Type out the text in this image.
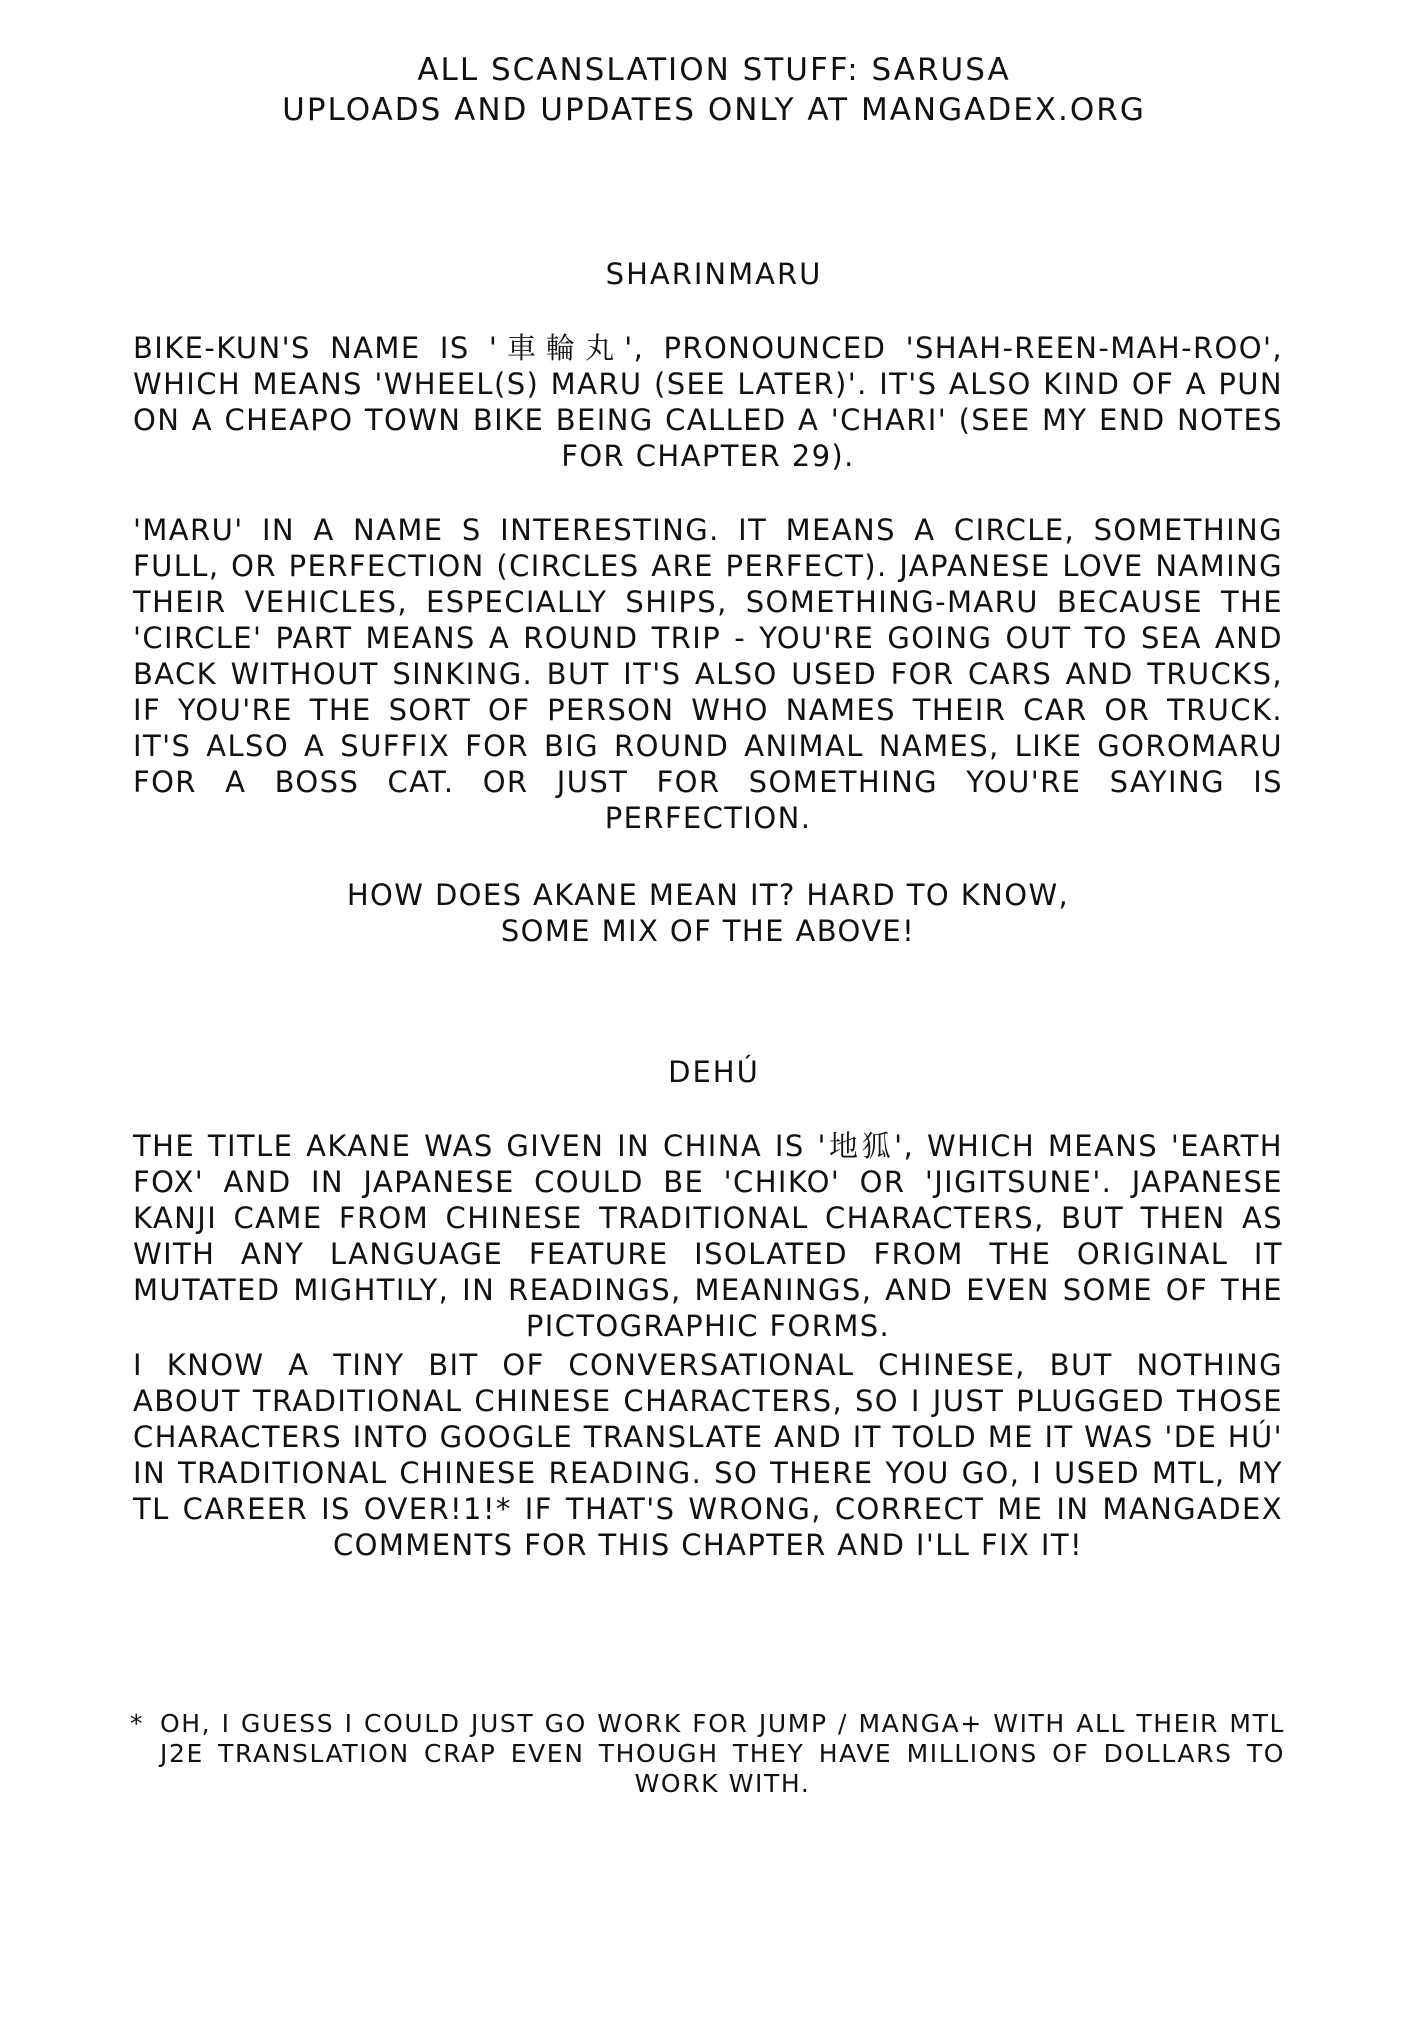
ALL SCANSLATION STUFF: SARUSA
UPLOADS AND UPDATES ONLY AT MANGADEX.ORG
SHARINMARU
BIKE-KUN'S NAME IS '車輪丸', PRONOUNCED 'SHAH-REEN-MAH-ROO', WHICH MEANS 'WHEEL(S) MARU (SEE LATER)'. IT'S ALSO KIND OF A PUN ON A CHEAPO TOWN BIKE BEING CALLED A 'CHARI' (SEE MY END NOTES FOR CHAPTER 29).
'MARU' IN A NAME S INTERESTING. IT MEANS A CIRCLE, SOMETHING FULL, OR PERFECTION (CIRCLES ARE PERFECT). JAPANESE LOVE NAMING THEIR VEHICLES, ESPECIALLY SHIPS, SOMETHING-MARU BECAUSE THE 'CIRCLE' PART MEANS A ROUND TRIP - YOU'RE GOING OUT TO SEA AND BACK WITHOUT SINKING. BUT IT'S ALSO USED FOR CARS AND TRUCKS, IF YOU'RE THE SORT OF PERSON WHO NAMES THEIR CAR OR TRUCK. IT'S ALSO A SUFFIX FOR BIG ROUND ANIMAL NAMES, LIKE GOROMARU FOR A BOSS CAT. OR JUST FOR SOMETHING YOU'RE SAYING IS PERFECTION.
HOW DOES AKANE MEAN IT? HARD TO KNOW,
SOME MIX OF THE ABOVE!
DEHÚ
THE TITLE AKANE WAS GIVEN IN CHINA IS '地狐', WHICH MEANS 'EARTH FOX' AND IN JAPANESE COULD BE 'CHIKO' OR 'JIGITSUNE'. JAPANESE KANJI CAME FROM CHINESE TRADITIONAL CHARACTERS, BUT THEN AS WITH ANY LANGUAGE FEATURE ISOLATED FROM THE ORIGINAL IT MUTATED MIGHTILY, IN READINGS, MEANINGS, AND EVEN SOME OF THE PICTOGRAPHIC FORMS.
I KNOW A TINY BIT OF CONVERSATIONAL CHINESE, BUT NOTHING ABOUT TRADITIONAL CHINESE CHARACTERS, SO I JUST PLUGGED THOSE CHARACTERS INTO GOOGLE TRANSLATE AND IT TOLD ME IT WAS 'DE HÚ' IN TRADITIONAL CHINESE READING. SO THERE YOU GO, I USED MTL, MY TL CAREER IS OVER!1!* IF THAT'S WRONG, CORRECT ME IN MANGADEX COMMENTS FOR THIS CHAPTER AND I'LL FIX IT!
* OH, I GUESS I COULD JUST GO WORK FOR JUMP / MANGA+ WITH ALL THEIR MTL J2E TRANSLATION CRAP EVEN THOUGH THEY HAVE MILLIONS OF DOLLARS TO WORK WITH.
